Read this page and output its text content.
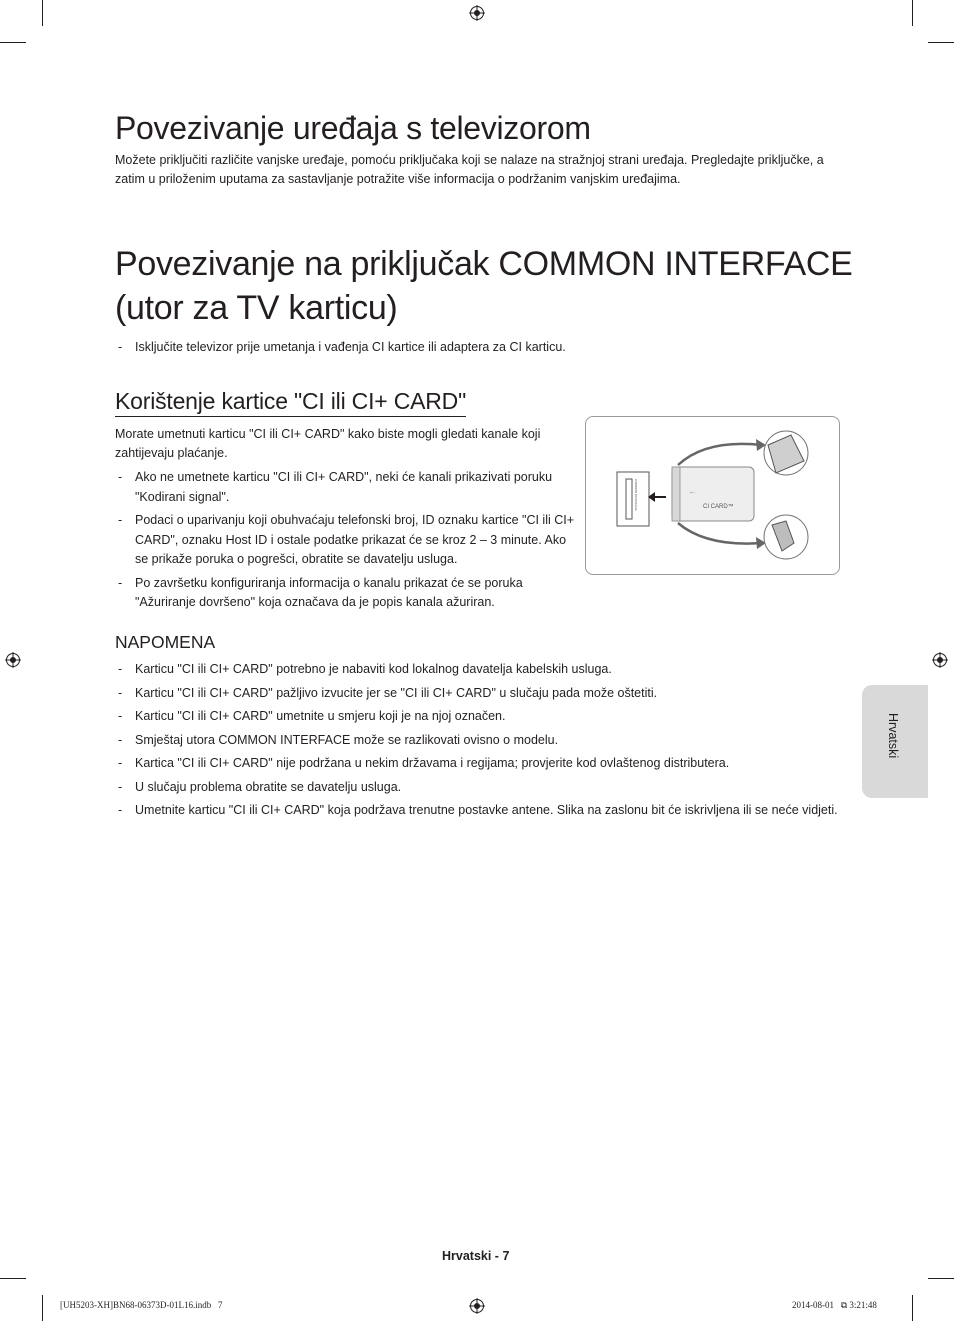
Povezivanje uređaja s televizorom

Možete priključiti različite vanjske uređaje, pomoću priključaka koji se nalaze na stražnjoj strani uređaja. Pregledajte priključke, a zatim u priloženim uputama za sastavljanje potražite više informacija o podržanim vanjskim uređajima.

Povezivanje na priključak COMMON INTERFACE
(utor za TV karticu)
- Isključite televizor prije umetanja i vađenja CI kartice ili adaptera za CI karticu.
Korištenje kartice "CI ili CI+ CARD"

Morate umetnuti karticu "CI ili CI+ CARD" kako biste mogli gledati kanale koji zahtijevaju plaćanje.

- Ako ne umetnete karticu "CI ili CI+ CARD", neki će kanali prikazivati poruku "Kodirani signal".
- Podaci o uparivanju koji obuhvaćaju telefonski broj, ID oznaku kartice "CI ili CI+ CARD", oznaku Host ID i ostale podatke prikazat će se kroz 2 – 3 minute. Ako se prikaže poruka o pogrešci, obratite se davatelju usluga.
- Po završetku konfiguriranja informacija o kanalu prikazat će se poruka "Ažuriranje dovršeno" koja označava da je popis kanala ažuriran.
←
CI CARD™
COMMON INTERFACE
NAPOMENA
- Karticu "CI ili CI+ CARD" potrebno je nabaviti kod lokalnog davatelja kabelskih usluga.
- Karticu "CI ili CI+ CARD" pažljivo izvucite jer se "CI ili CI+ CARD" u slučaju pada može oštetiti.
- Karticu "CI ili CI+ CARD" umetnite u smjeru koji je na njoj označen.
- Smještaj utora COMMON INTERFACE može se razlikovati ovisno o modelu.
- Kartica "CI ili CI+ CARD" nije podržana u nekim državama i regijama; provjerite kod ovlaštenog distributera.
- U slučaju problema obratite se davatelju usluga.
- Umetnite karticu "CI ili CI+ CARD" koja podržava trenutne postavke antene. Slika na zaslonu bit će iskrivljena ili se neće vidjeti.
Hrvatski
Hrvatski - 7
[UH5203-XH]BN68-06373D-01L16.indb   7	2014-08-01   ⧉ 3:21:48
